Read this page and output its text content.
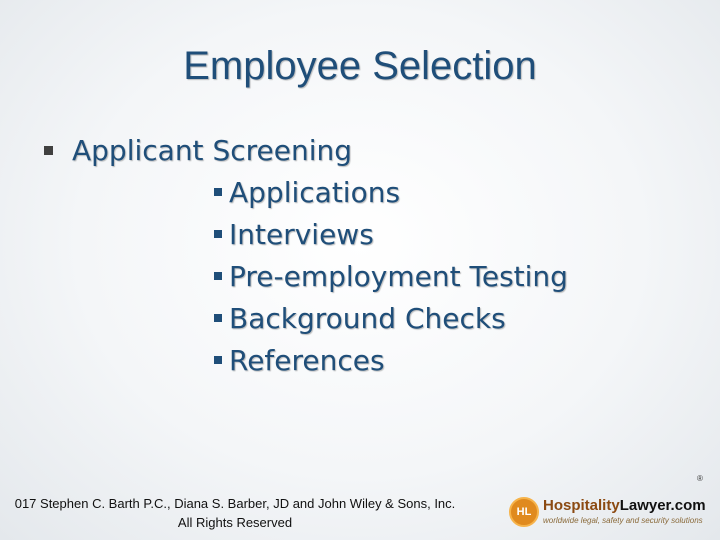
Employee Selection
Applicant Screening
Applications
Interviews
Pre-employment Testing
Background Checks
References
017 Stephen C. Barth P.C., Diana S. Barber, JD and John Wiley & Sons, Inc.
All Rights Reserved
HL HospitalityLawyer.com
worldwide legal, safety and security solutions
®
